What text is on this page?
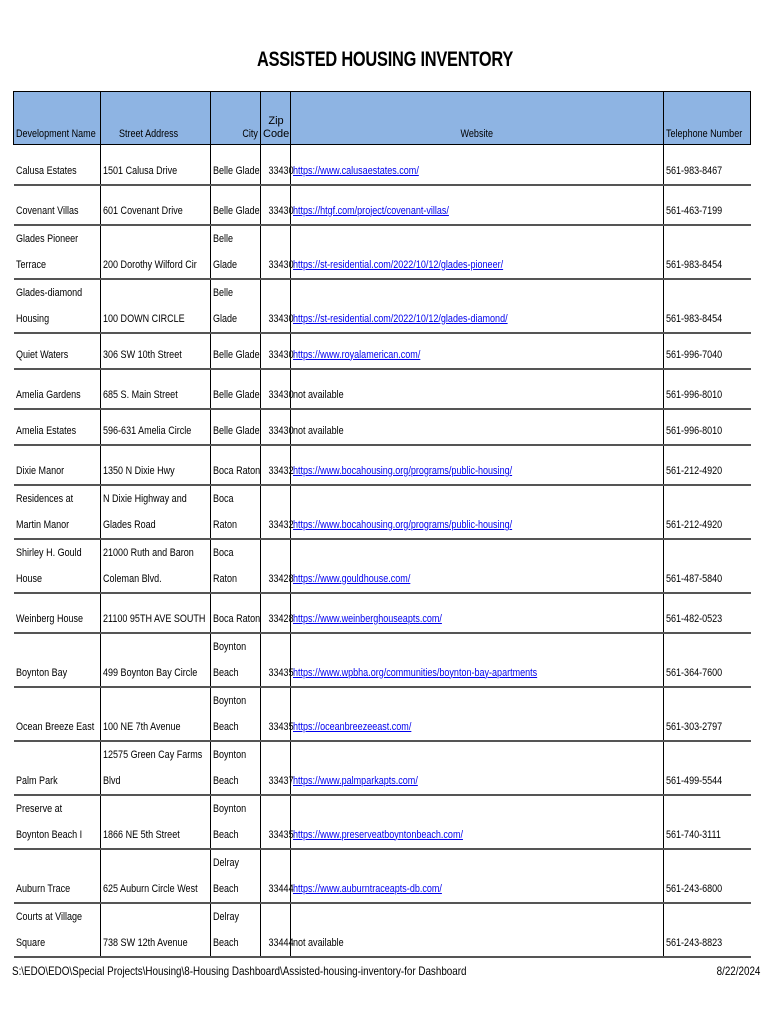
ASSISTED HOUSING INVENTORY
Development Name	Street Address	City	Zip Code	Website	Telephone Number
Calusa Estates	1501 Calusa Drive	Belle Glade	33430	https://www.calusaestates.com/	561-983-8467
Covenant Villas	601 Covenant Drive	Belle Glade	33430	https://htgf.com/project/covenant-villas/	561-463-7199
Glades Pioneer Terrace	200 Dorothy Wilford Cir	Belle Glade	33430	https://st-residential.com/2022/10/12/glades-pioneer/	561-983-8454
Glades-diamond Housing	100 DOWN CIRCLE	Belle Glade	33430	https://st-residential.com/2022/10/12/glades-diamond/	561-983-8454
Quiet Waters	306 SW 10th Street	Belle Glade	33430	https://www.royalamerican.com/	561-996-7040
Amelia Gardens	685 S. Main Street	Belle Glade	33430	not available	561-996-8010
Amelia Estates	596-631 Amelia Circle	Belle Glade	33430	not available	561-996-8010
Dixie Manor	1350 N Dixie Hwy	Boca Raton	33432	https://www.bocahousing.org/programs/public-housing/	561-212-4920
Residences at Martin Manor	N Dixie Highway and Glades Road	Boca Raton	33432	https://www.bocahousing.org/programs/public-housing/	561-212-4920
Shirley H. Gould House	21000 Ruth and Baron Coleman Blvd.	Boca Raton	33428	https://www.gouldhouse.com/	561-487-5840
Weinberg House	21100 95TH AVE SOUTH	Boca Raton	33428	https://www.weinberghouseapts.com/	561-482-0523
Boynton Bay	499 Boynton Bay Circle	Boynton Beach	33435	https://www.wpbha.org/communities/boynton-bay-apartments	561-364-7600
Ocean Breeze East	100 NE 7th Avenue	Boynton Beach	33435	https://oceanbreezeeast.com/	561-303-2797
Palm Park	12575 Green Cay Farms Blvd	Boynton Beach	33437	https://www.palmparkapts.com/	561-499-5544
Preserve at Boynton Beach I	1866 NE 5th Street	Boynton Beach	33435	https://www.preserveatboyntonbeach.com/	561-740-3111
Auburn Trace	625 Auburn Circle West	Delray Beach	33444	https://www.auburntraceapts-db.com/	561-243-6800
Courts at Village Square	738 SW 12th Avenue	Delray Beach	33444	not available	561-243-8823
S:\EDO\EDO\Special Projects\Housing\8-Housing Dashboard\Assisted-housing-inventory-for Dashboard	8/22/2024
